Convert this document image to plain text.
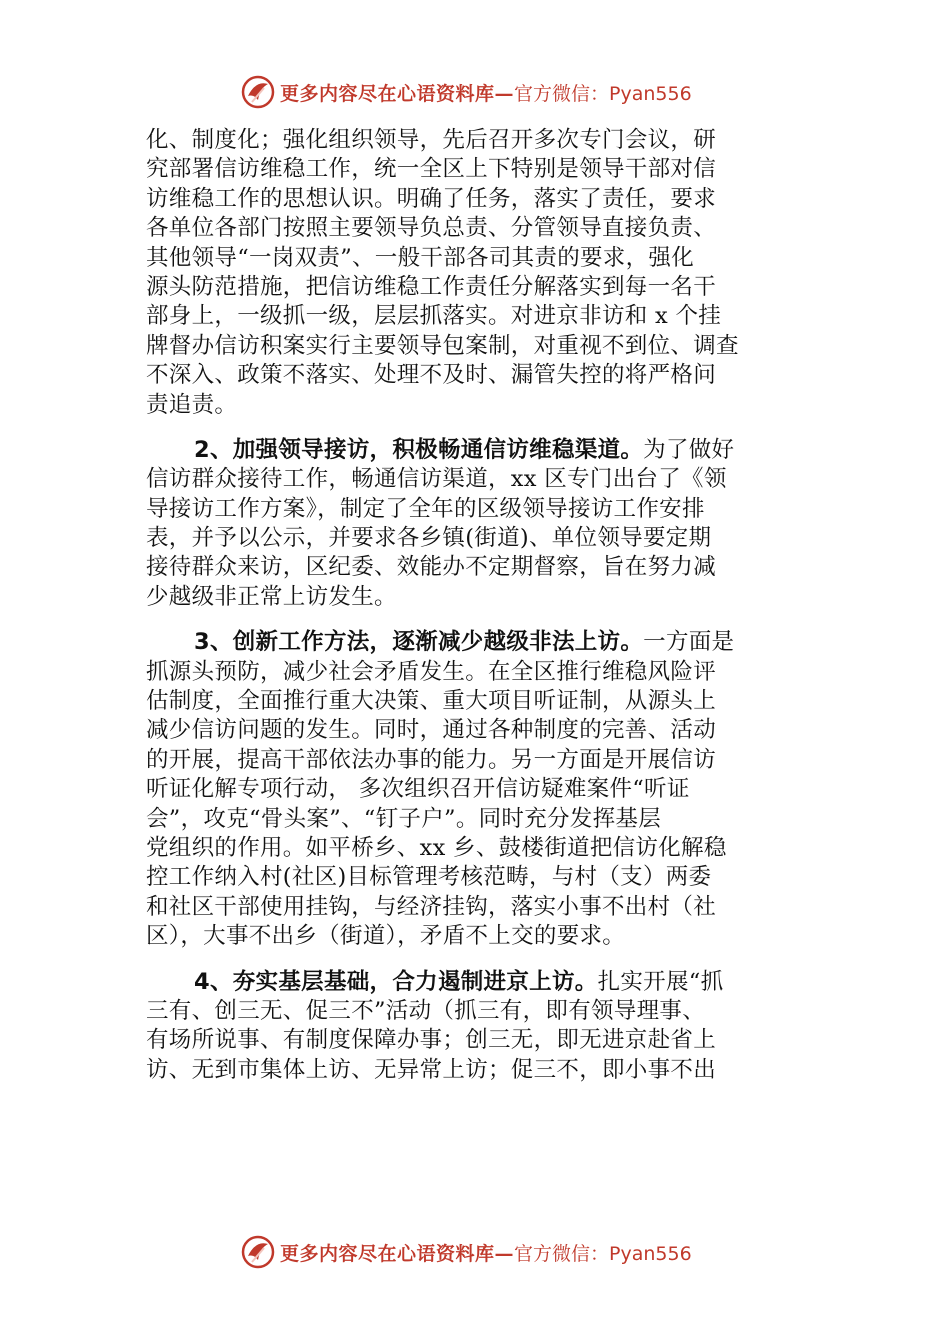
更多内容尽在心语资料库— 官方微信：Pyan556
化、制度化；强化组织领导，先后召开多次专门会议，研
究部署信访维稳工作，统一全区上下特别是领导干部对信
访维稳工作的思想认识。明确了任务，落实了责任，要求
各单位各部门按照主要领导负总责、分管领导直接负责、
其他领导“一岗双责”、一般干部各司其责的要求，强化
源头防范措施，把信访维稳工作责任分解落实到每一名干
部身上，一级抓一级，层层抓落实。对进京非访和 x 个挂
牌督办信访积案实行主要领导包案制，对重视不到位、调查
不深入、政策不落实、处理不及时、漏管失控的将严格问
责追责。
2、加强领导接访，积极畅通信访维稳渠道。为了做好
信访群众接待工作，畅通信访渠道，xx 区专门出台了《领
导接访工作方案》，制定了全年的区级领导接访工作安排
表，并予以公示，并要求各乡镇(街道)、单位领导要定期
接待群众来访，区纪委、效能办不定期督察，旨在努力减
少越级非正常上访发生。
3、创新工作方法，逐渐减少越级非法上访。一方面是
抓源头预防，减少社会矛盾发生。在全区推行维稳风险评
估制度，全面推行重大决策、重大项目听证制，从源头上
减少信访问题的发生。同时，通过各种制度的完善、活动
的开展，提高干部依法办事的能力。另一方面是开展信访
听证化解专项行动， 多次组织召开信访疑难案件“听证
会”，攻克“骨头案”、“钉子户”。同时充分发挥基层
党组织的作用。如平桥乡、xx 乡、鼓楼街道把信访化解稳
控工作纳入村(社区)目标管理考核范畴，与村（支）两委
和社区干部使用挂钩，与经济挂钩，落实小事不出村（社
区），大事不出乡（街道），矛盾不上交的要求。
4、夯实基层基础，合力遏制进京上访。扎实开展“抓
三有、创三无、促三不”活动（抓三有，即有领导理事、
有场所说事、有制度保障办事；创三无，即无进京赴省上
访、无到市集体上访、无异常上访；促三不，即小事不出
更多内容尽在心语资料库— 官方微信：Pyan556
